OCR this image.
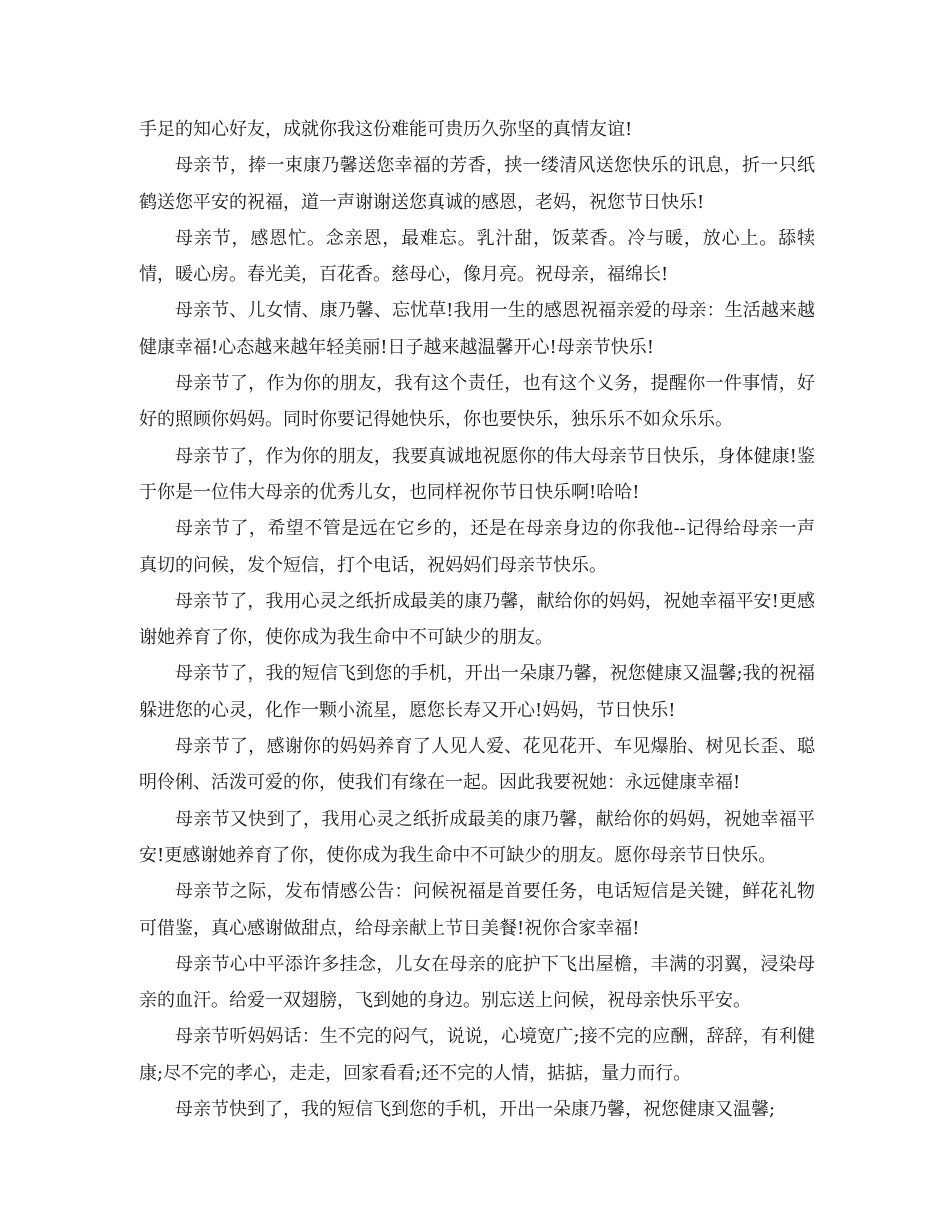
手足的知心好友，成就你我这份难能可贵历久弥坚的真情友谊!

母亲节，捧一束康乃馨送您幸福的芳香，挟一缕清风送您快乐的讯息，折一只纸鹤送您平安的祝福，道一声谢谢送您真诚的感恩，老妈，祝您节日快乐!

母亲节，感恩忙。念亲恩，最难忘。乳汁甜，饭菜香。冷与暖，放心上。舔犊情，暖心房。春光美，百花香。慈母心，像月亮。祝母亲，福绵长!

母亲节、儿女情、康乃馨、忘忧草!我用一生的感恩祝福亲爱的母亲：生活越来越健康幸福!心态越来越年轻美丽!日子越来越温馨开心!母亲节快乐!

母亲节了，作为你的朋友，我有这个责任，也有这个义务，提醒你一件事情，好好的照顾你妈妈。同时你要记得她快乐，你也要快乐，独乐乐不如众乐乐。

母亲节了，作为你的朋友，我要真诚地祝愿你的伟大母亲节日快乐，身体健康!鉴于你是一位伟大母亲的优秀儿女，也同样祝你节日快乐啊!哈哈!

母亲节了，希望不管是远在它乡的，还是在母亲身边的你我他--记得给母亲一声真切的问候，发个短信，打个电话，祝妈妈们母亲节快乐。

母亲节了，我用心灵之纸折成最美的康乃馨，献给你的妈妈，祝她幸福平安!更感谢她养育了你，使你成为我生命中不可缺少的朋友。

母亲节了，我的短信飞到您的手机，开出一朵康乃馨，祝您健康又温馨;我的祝福躲进您的心灵，化作一颗小流星，愿您长寿又开心!妈妈，节日快乐!

母亲节了，感谢你的妈妈养育了人见人爱、花见花开、车见爆胎、树见长歪、聪明伶俐、活泼可爱的你，使我们有缘在一起。因此我要祝她：永远健康幸福!

母亲节又快到了，我用心灵之纸折成最美的康乃馨，献给你的妈妈，祝她幸福平安!更感谢她养育了你，使你成为我生命中不可缺少的朋友。愿你母亲节日快乐。

母亲节之际，发布情感公告：问候祝福是首要任务，电话短信是关键，鲜花礼物可借鉴，真心感谢做甜点，给母亲献上节日美餐!祝你合家幸福!

母亲节心中平添许多挂念，儿女在母亲的庇护下飞出屋檐，丰满的羽翼，浸染母亲的血汗。给爱一双翅膀，飞到她的身边。别忘送上问候，祝母亲快乐平安。

母亲节听妈妈话：生不完的闷气，说说，心境宽广;接不完的应酬，辞辞，有利健康;尽不完的孝心，走走，回家看看;还不完的人情，掂掂，量力而行。

母亲节快到了，我的短信飞到您的手机，开出一朵康乃馨，祝您健康又温馨;
